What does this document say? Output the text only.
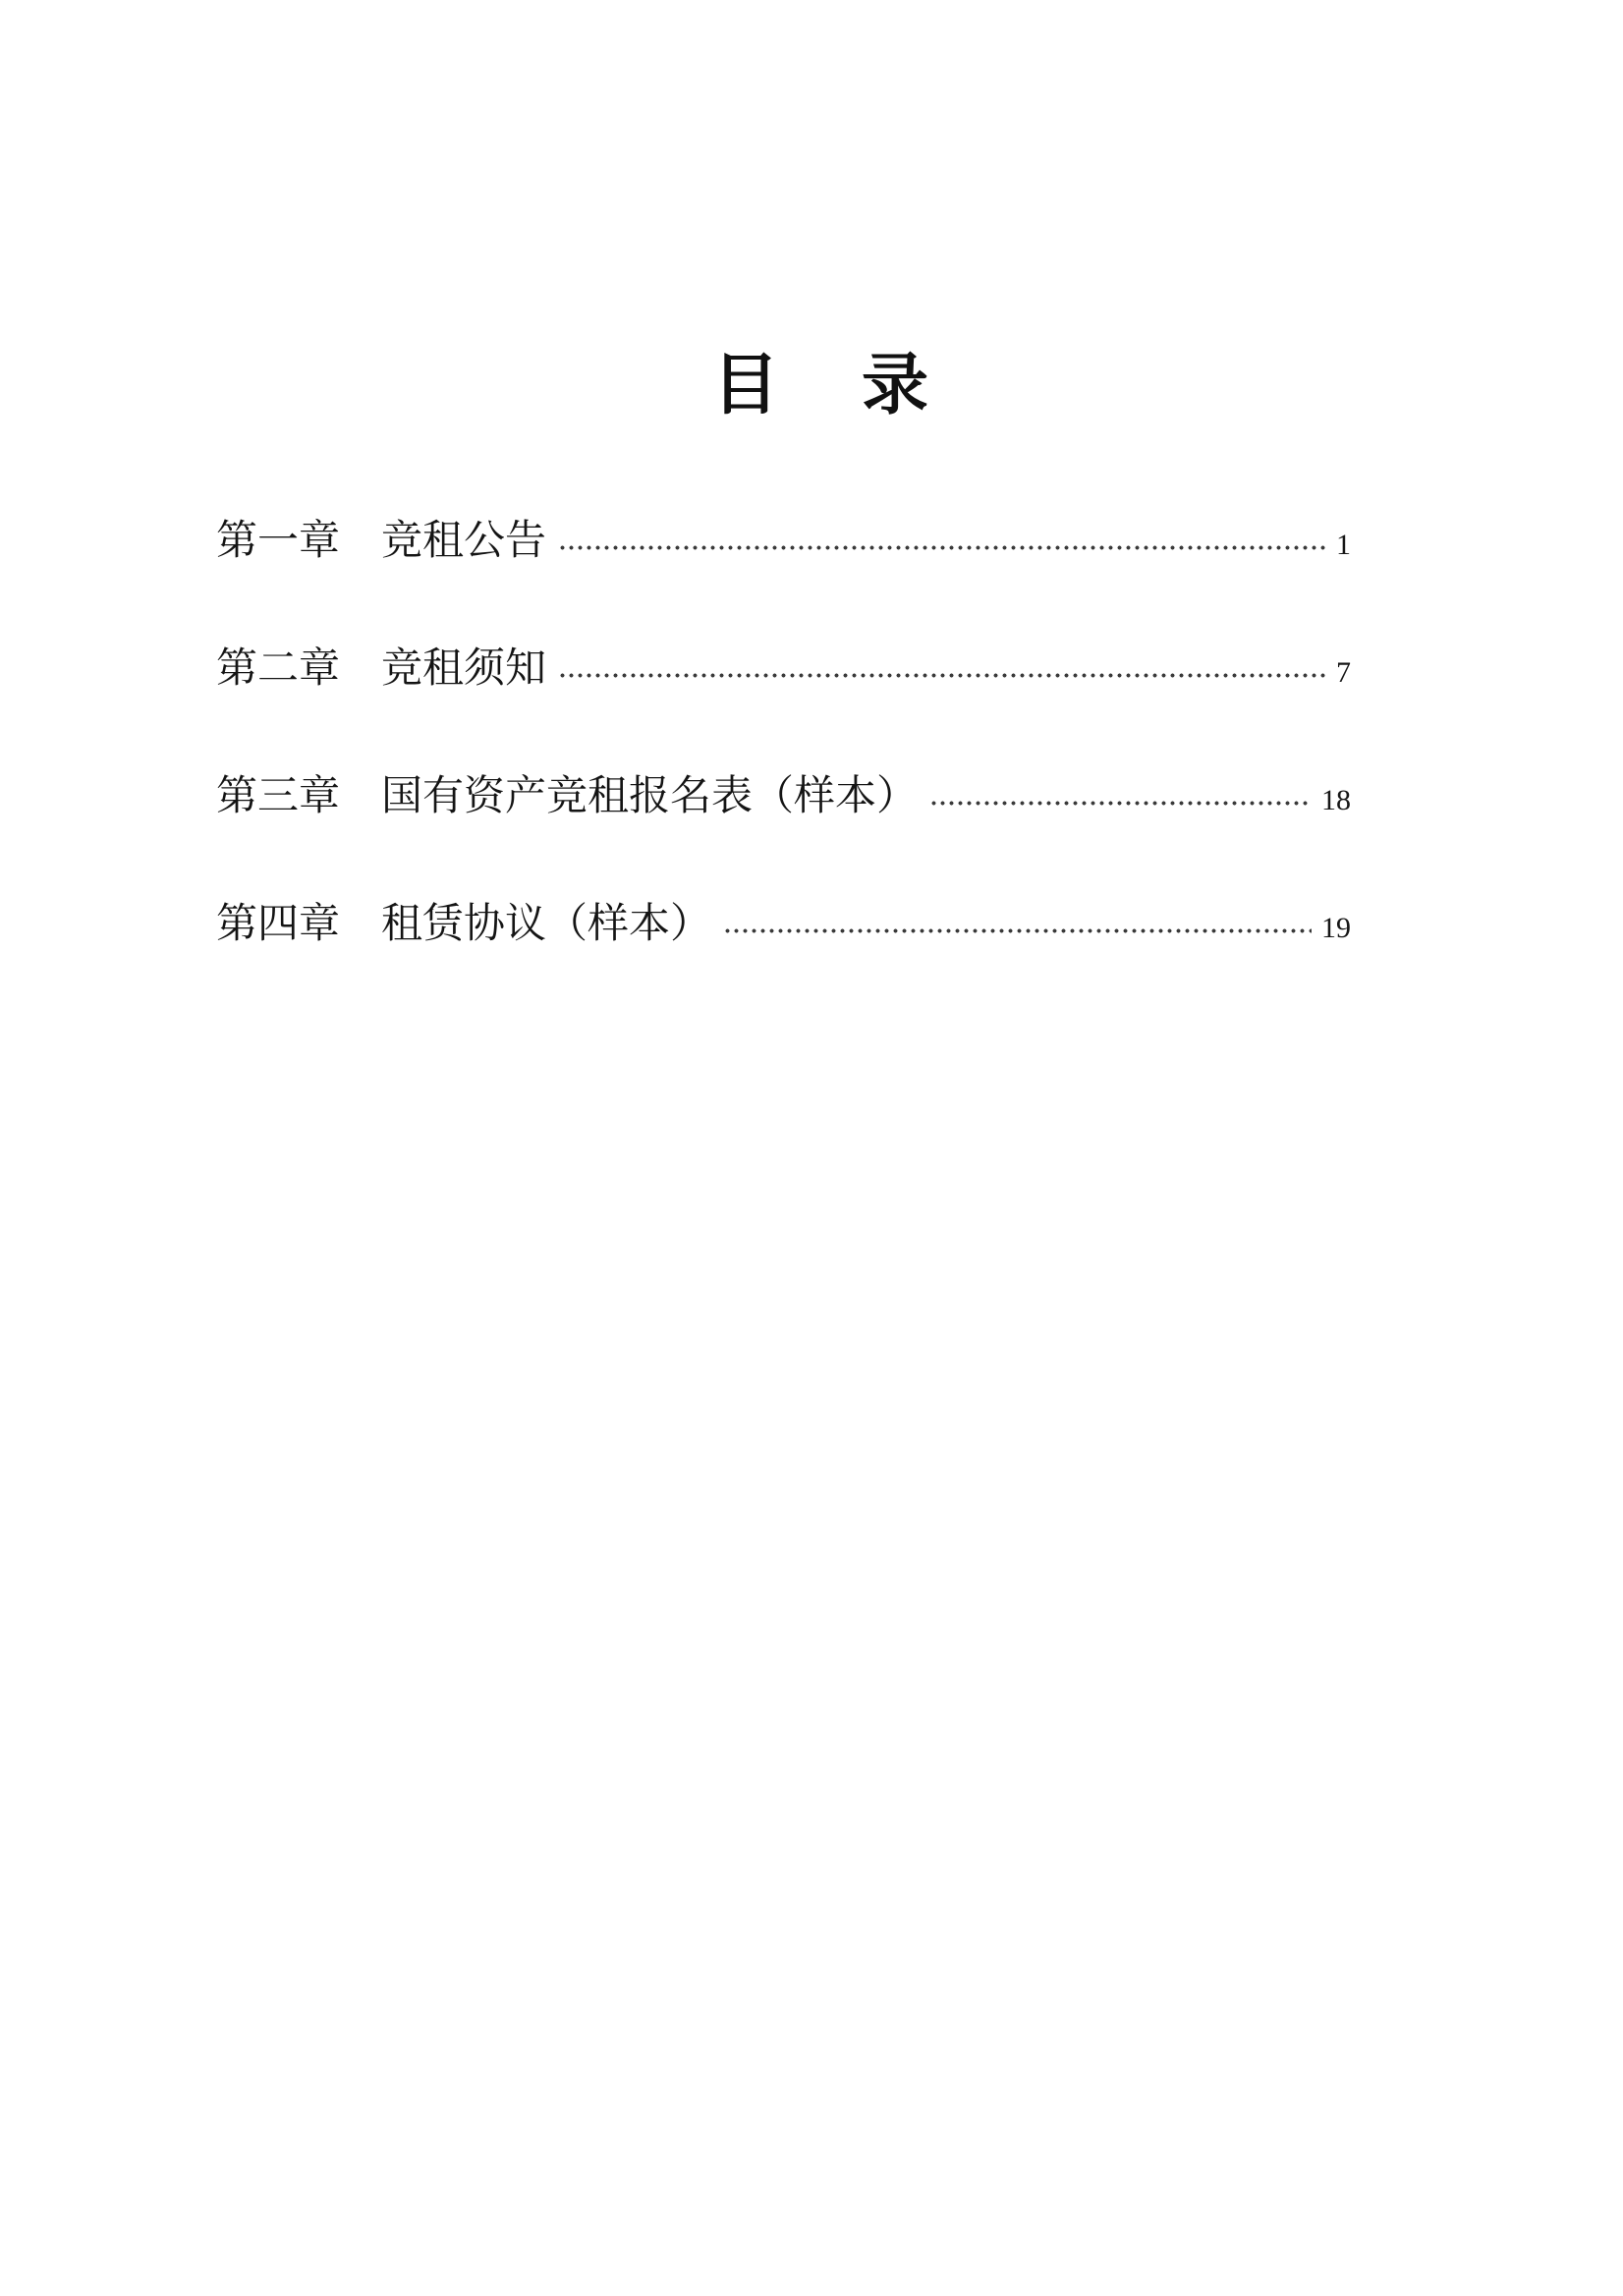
目　录
第一章 竞租公告	1
第二章 竞租须知	7
第三章 国有资产竞租报名表（样本）	18
第四章 租赁协议（样本）	19
